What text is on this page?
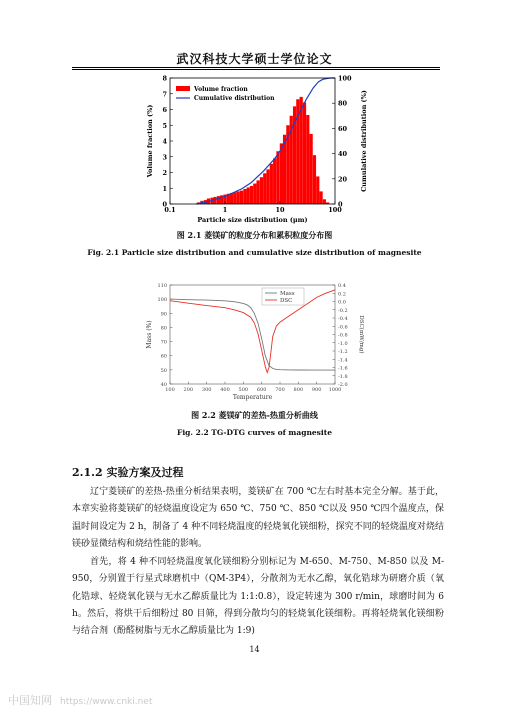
武汉科技大学硕士学位论文
0
1
2
3
4
5
6
7
8
0
20
40
60
80
100
0.1	1	10	100
Particle size distribution (μm)
Volume fraction (%)	Cumulative distribution (%)
Volume fraction
Cumulative distribution
图 2.1 菱镁矿的粒度分布和累积粒度分布图
Fig. 2.1 Particle size distribution and cumulative size distribution of magnesite
40
50
60
70
80
90
100
110	0.4
0.2
0.0
-0.2
-0.4
-0.6
-0.8
-1.0
-1.2
-1.4
-1.6
-1.8
-2.0
100 200 300 400 500 600 700 800 900 1000
Temperature
Mass (%)	DSC(mW/mg)
Mass
DSC
图 2.2 菱镁矿的差热-热重分析曲线
Fig. 2.2 TG-DTG curves of magnesite
2.1.2 实验方案及过程
辽宁菱镁矿的差热-热重分析结果表明，菱镁矿在 700 ℃左右时基本完全分解。基于此，本章实验将菱镁矿的轻烧温度设定为 650 ℃、750 ℃、850 ℃以及 950 ℃四个温度点，保温时间设定为 2 h，制备了 4 种不同轻烧温度的轻烧氧化镁细粉，探究不同的轻烧温度对烧结镁砂显微结构和烧结性能的影响。
首先，将 4 种不同轻烧温度氧化镁细粉分别标记为 M-650、M-750、M-850 以及 M-950，分别置于行星式球磨机中（QM-3P4），分散剂为无水乙醇，氧化锆球为研磨介质（氧化锆球、轻烧氧化镁与无水乙醇质量比为 1:1:0.8），设定转速为 300 r/min，球磨时间为 6 h。然后，将烘干后细粉过 80 目筛，得到分散均匀的轻烧氧化镁细粉。再将轻烧氧化镁细粉与结合剂（酚醛树脂与无水乙醇质量比为 1:9)
14
中国知网 https://www.cnki.net
